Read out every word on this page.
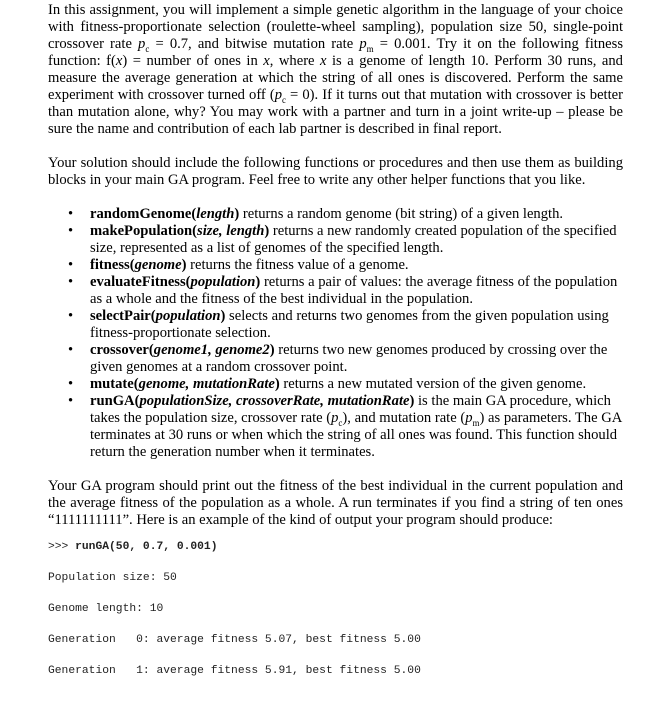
In this assignment, you will implement a simple genetic algorithm in the language of your choice with fitness-proportionate selection (roulette-wheel sampling), population size 50, single-point crossover rate $p_c = 0.7$, and bitwise mutation rate $p_m = 0.001$. Try it on the following fitness function: f(x) = number of ones in x, where x is a genome of length 10. Perform 30 runs, and measure the average generation at which the string of all ones is discovered. Perform the same experiment with crossover turned off $(p_c = 0)$. If it turns out that mutation with crossover is better than mutation alone, why? You may work with a partner and turn in a joint write-up – please be sure the name and contribution of each lab partner is described in final report.

Your solution should include the following functions or procedures and then use them as building blocks in your main GA program. Feel free to write any other helper functions that you like.

• randomGenome(length) returns a random genome (bit string) of a given length.
• makePopulation(size, length) returns a new randomly created population of the specified size, represented as a list of genomes of the specified length.
• fitness(genome) returns the fitness value of a genome.
• evaluateFitness(population) returns a pair of values: the average fitness of the population as a whole and the fitness of the best individual in the population.
• selectPair(population) selects and returns two genomes from the given population using fitness-proportionate selection.
• crossover(genome1, genome2) returns two new genomes produced by crossing over the given genomes at a random crossover point.
• mutate(genome, mutationRate) returns a new mutated version of the given genome.
• runGA(populationSize, crossoverRate, mutationRate) is the main GA procedure, which takes the population size, crossover rate $(p_c)$, and mutation rate $(p_m)$ as parameters. The GA terminates at 30 runs or when which the string of all ones was found. This function should return the generation number when it terminates.

Your GA program should print out the fitness of the best individual in the current population and the average fitness of the population as a whole. A run terminates if you find a string of ten ones “1111111111”. Here is an example of the kind of output your program should produce:

>>> runGA(50, 0.7, 0.001)

Population size: 50

Genome length: 10

Generation   0: average fitness 5.07, best fitness 5.00

Generation   1: average fitness 5.91, best fitness 5.00
